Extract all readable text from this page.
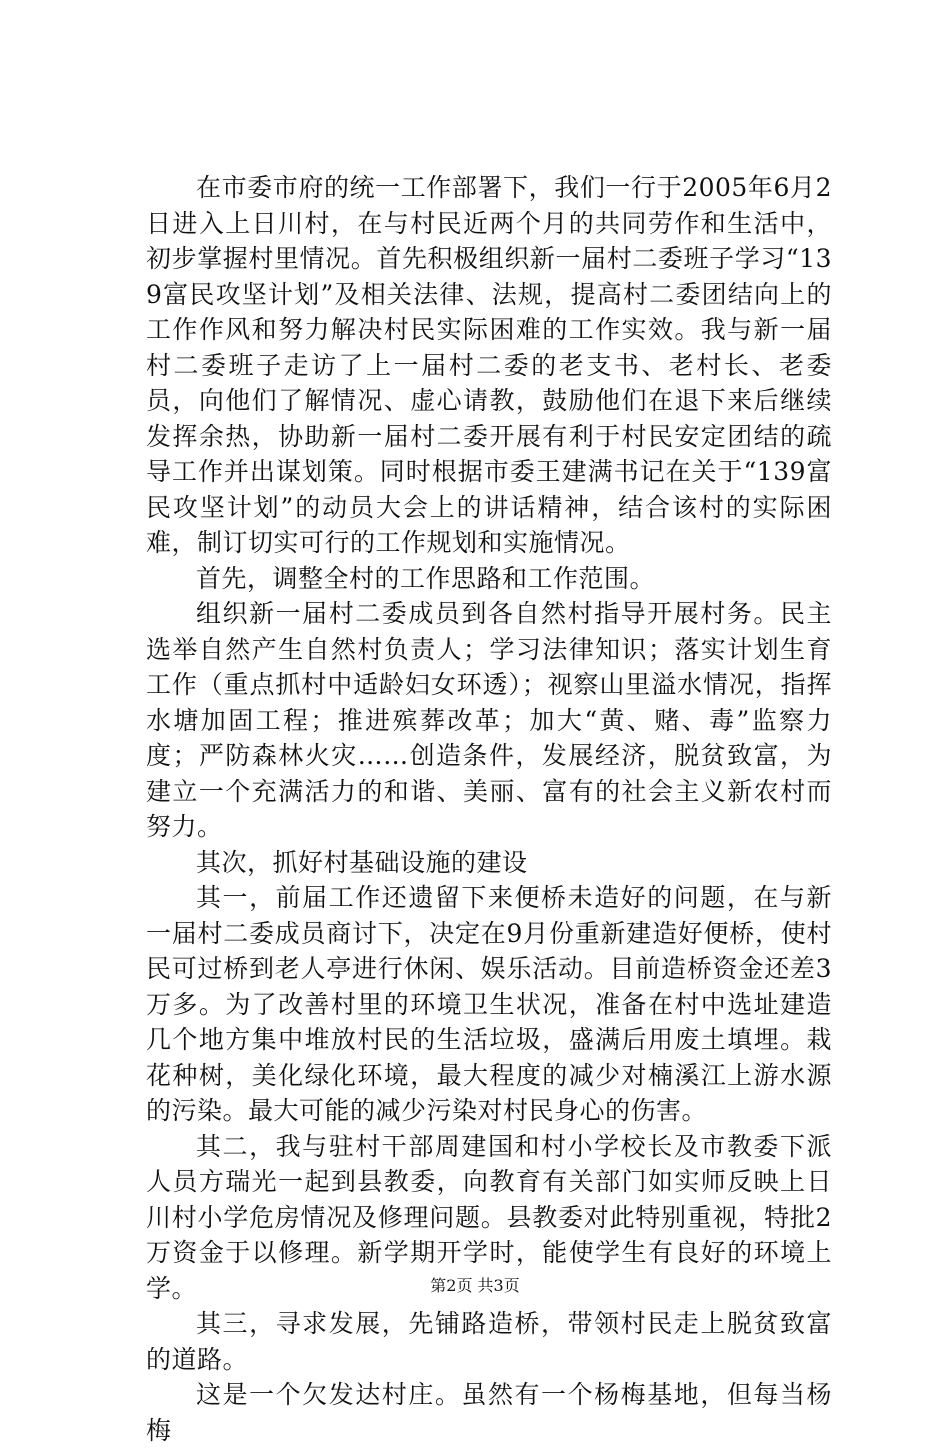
在市委市府的统一工作部署下，我们一行于2005年6月2日进入上日川村，在与村民近两个月的共同劳作和生活中，初步掌握村里情况。首先积极组织新一届村二委班子学习“139富民攻坚计划”及相关法律、法规，提高村二委团结向上的工作作风和努力解决村民实际困难的工作实效。我与新一届村二委班子走访了上一届村二委的老支书、老村长、老委员，向他们了解情况、虚心请教，鼓励他们在退下来后继续发挥余热，协助新一届村二委开展有利于村民安定团结的疏导工作并出谋划策。同时根据市委王建满书记在关于“139富民攻坚计划”的动员大会上的讲话精神，结合该村的实际困难，制订切实可行的工作规划和实施情况。

首先，调整全村的工作思路和工作范围。

组织新一届村二委成员到各自然村指导开展村务。民主选举自然产生自然村负责人；学习法律知识；落实计划生育工作（重点抓村中适龄妇女环透）；视察山里溢水情况，指挥水塘加固工程；推进殡葬改革；加大“黄、赌、毒”监察力度；严防森林火灾……创造条件，发展经济，脱贫致富，为建立一个充满活力的和谐、美丽、富有的社会主义新农村而努力。

其次，抓好村基础设施的建设

其一，前届工作还遗留下来便桥未造好的问题，在与新一届村二委成员商讨下，决定在9月份重新建造好便桥，使村民可过桥到老人亭进行休闲、娱乐活动。目前造桥资金还差3万多。为了改善村里的环境卫生状况，准备在村中选址建造几个地方集中堆放村民的生活垃圾，盛满后用废土填埋。栽花种树，美化绿化环境，最大程度的减少对楠溪江上游水源的污染。最大可能的减少污染对村民身心的伤害。

其二，我与驻村干部周建国和村小学校长及市教委下派人员方瑞光一起到县教委，向教育有关部门如实师反映上日川村小学危房情况及修理问题。县教委对此特别重视，特批2万资金于以修理。新学期开学时，能使学生有良好的环境上学。

其三，寻求发展，先铺路造桥，带领村民走上脱贫致富的道路。

这是一个欠发达村庄。虽然有一个杨梅基地，但每当杨梅

第2页 共3页
